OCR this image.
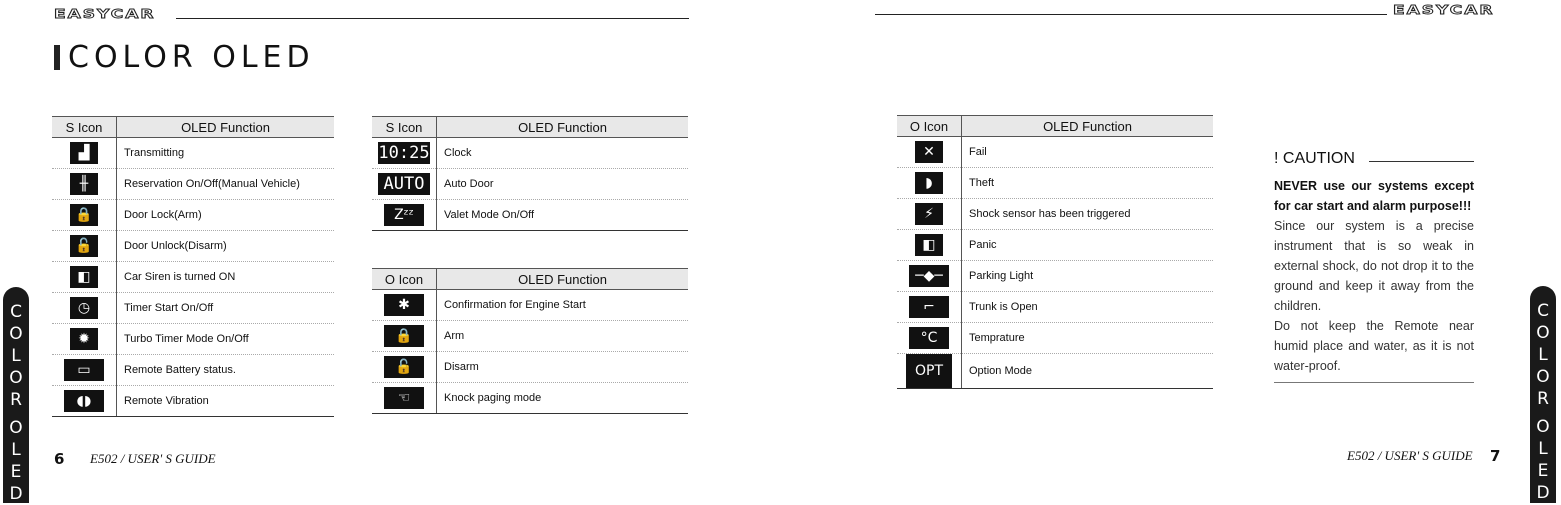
EASYCAR	EASYCAR
COLOR OLED
S Icon	OLED Function
▟	Transmitting
╫	Reservation On/Off(Manual Vehicle)
🔒	Door Lock(Arm)
🔓	Door Unlock(Disarm)
◧	Car Siren is turned ON
◷	Timer Start On/Off
✹	Turbo Timer Mode On/Off
▭	Remote Battery status.
◖◗	Remote Vibration
S Icon	OLED Function
10:25	Clock
AUTO	Auto Door
Zᶻᶻ	Valet Mode On/Off
O Icon	OLED Function
✱	Confirmation for Engine Start
🔒	Arm
🔓	Disarm
☜	Knock paging mode
O Icon	OLED Function
✕	Fail
◗	Theft
⚡	Shock sensor has been triggered
◧	Panic
─◆─	Parking Light
⌐	Trunk is Open
°C	Temprature
OPT	Option Mode
! CAUTION
NEVER use our systems except for car start and alarm purpose!!!
Since our system is a precise instrument that is so weak in external shock, do not drop it to the ground and keep it away from the children.
Do not keep the Remote near humid place and water, as it is not water-proof.
C
O
L
O
R

O
L
E
D
C
O
L
O
R

O
L
E
D
6 E502 / USER' S GUIDE	E502 / USER' S GUIDE 7
